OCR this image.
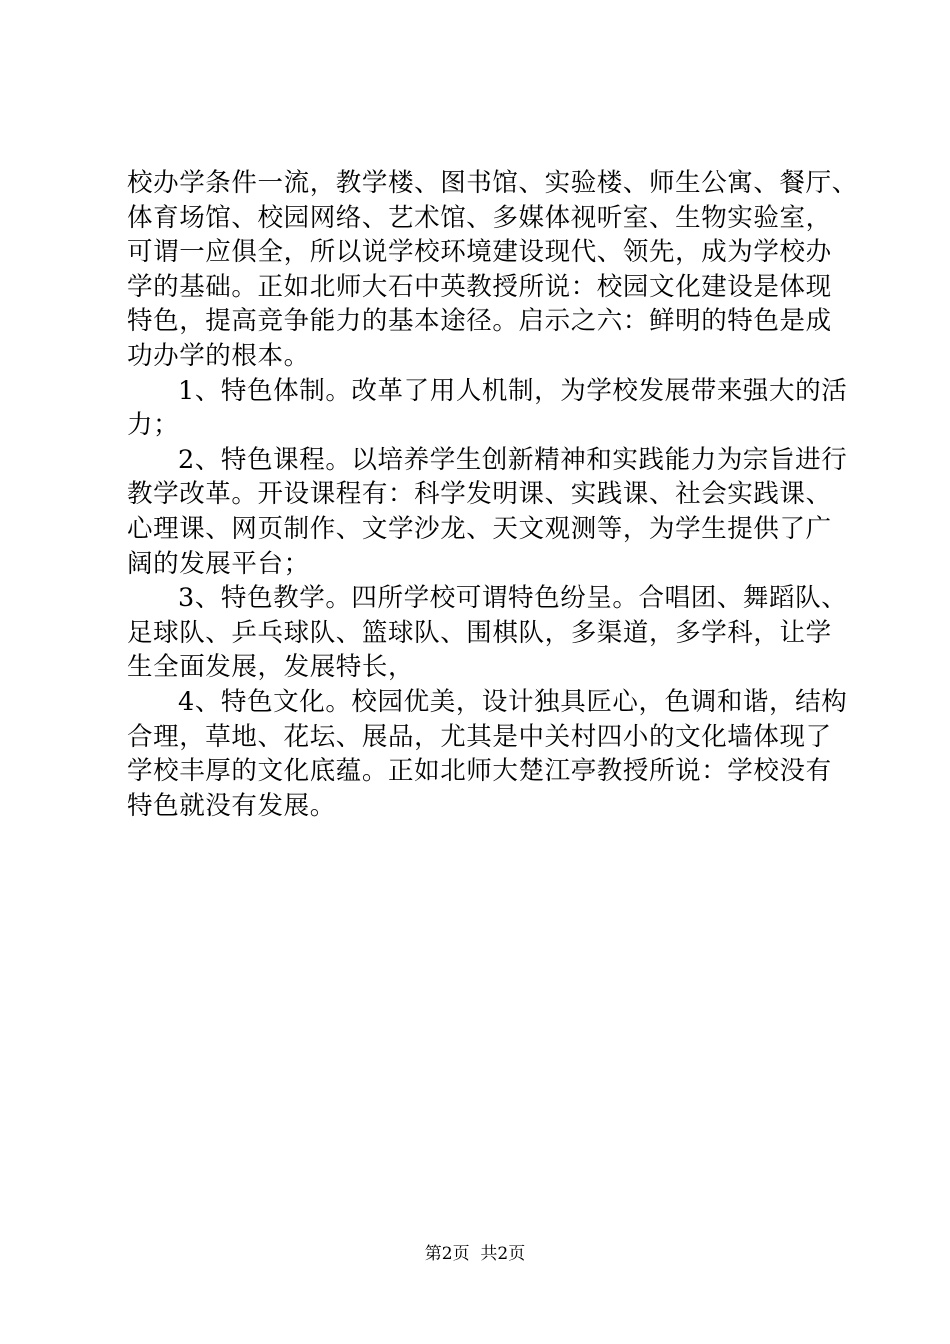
校办学条件一流，教学楼、图书馆、实验楼、师生公寓、餐厅、
体育场馆、校园网络、艺术馆、多媒体视听室、生物实验室，
可谓一应俱全，所以说学校环境建设现代、领先，成为学校办
学的基础。正如北师大石中英教授所说：校园文化建设是体现
特色，提高竞争能力的基本途径。启示之六：鲜明的特色是成
功办学的根本。
1、特色体制。改革了用人机制，为学校发展带来强大的活
力；
2、特色课程。以培养学生创新精神和实践能力为宗旨进行
教学改革。开设课程有：科学发明课、实践课、社会实践课、
心理课、网页制作、文学沙龙、天文观测等，为学生提供了广
阔的发展平台；
3、特色教学。四所学校可谓特色纷呈。合唱团、舞蹈队、
足球队、乒乓球队、篮球队、围棋队，多渠道，多学科，让学
生全面发展，发展特长，
4、特色文化。校园优美，设计独具匠心，色调和谐，结构
合理，草地、花坛、展品，尤其是中关村四小的文化墙体现了
学校丰厚的文化底蕴。正如北师大楚江亭教授所说：学校没有
特色就没有发展。
第2页  共2页
